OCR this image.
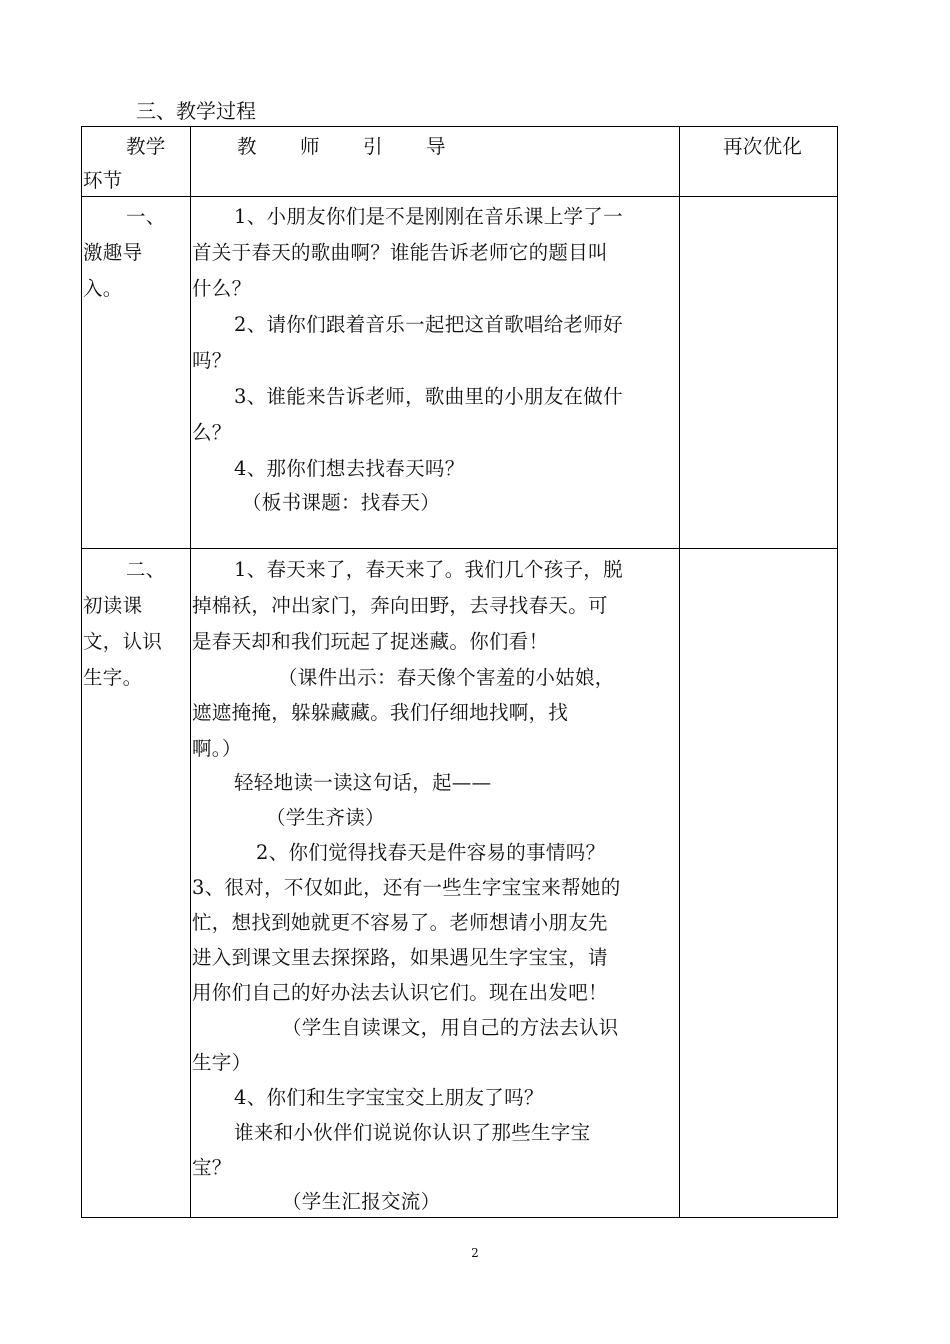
三、教学过程
教学
环节
教　　师　　引　　导	再次优化
一、
激趣导
入。
1、小朋友你们是不是刚刚在音乐课上学了一
首关于春天的歌曲啊？谁能告诉老师它的题目叫
什么？
2、请你们跟着音乐一起把这首歌唱给老师好
吗？
3、谁能来告诉老师，歌曲里的小朋友在做什
么？
4、那你们想去找春天吗？
（板书课题：找春天）
二、
初读课
文，认识
生字。
1、春天来了，春天来了。我们几个孩子，脱
掉棉袄，冲出家门，奔向田野，去寻找春天。可
是春天却和我们玩起了捉迷藏。你们看！
（课件出示：春天像个害羞的小姑娘，
遮遮掩掩，躲躲藏藏。我们仔细地找啊，找
啊。）
轻轻地读一读这句话，起——
（学生齐读）
2、你们觉得找春天是件容易的事情吗？
3、很对，不仅如此，还有一些生字宝宝来帮她的
忙，想找到她就更不容易了。老师想请小朋友先
进入到课文里去探探路，如果遇见生字宝宝，请
用你们自己的好办法去认识它们。现在出发吧！
（学生自读课文，用自己的方法去认识
生字）
4、你们和生字宝宝交上朋友了吗？
谁来和小伙伴们说说你认识了那些生字宝
宝？
（学生汇报交流）
2
